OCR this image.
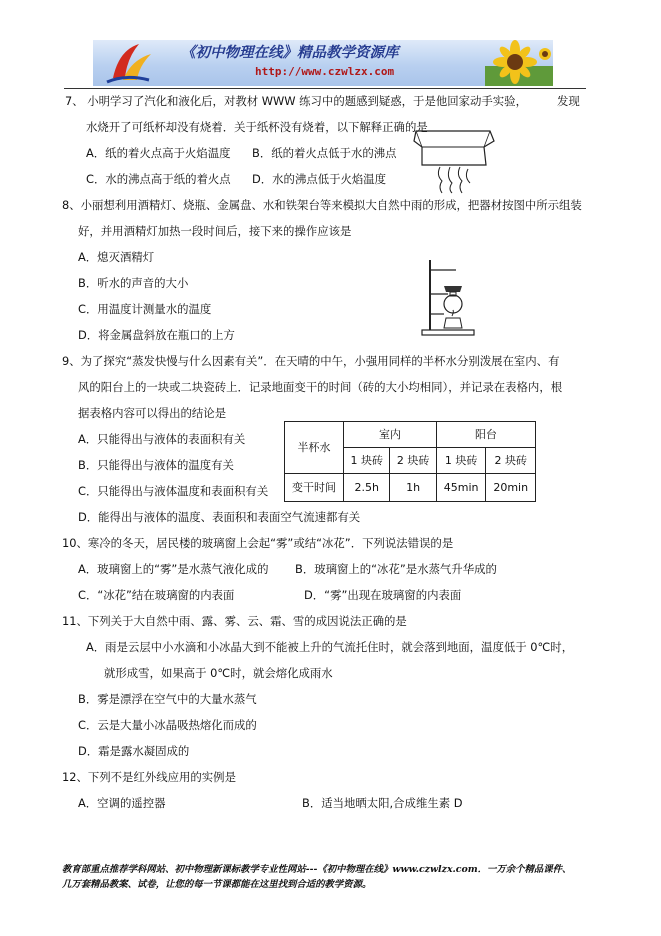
《初中物理在线》精品教学资源库
http://www.czwlzx.com
7、 小明学习了汽化和液化后，对教材 WWW 练习中的题感到疑惑，于是他回家动手实验，	发现
水烧开了可纸杯却没有烧着．关于纸杯没有烧着，以下解释正确的是
A．纸的着火点高于火焰温度 B．纸的着火点低于水的沸点
C．水的沸点高于纸的着火点 D．水的沸点低于火焰温度
8、小丽想利用酒精灯、烧瓶、金属盘、水和铁架台等来模拟大自然中雨的形成，把器材按图中所示组装
好，并用酒精灯加热一段时间后，接下来的操作应该是
A．熄灭酒精灯
B．听水的声音的大小
C．用温度计测量水的温度
D．将金属盘斜放在瓶口的上方
9、为了探究“蒸发快慢与什么因素有关”．在天晴的中午，小强用同样的半杯水分别泼展在室内、有
风的阳台上的一块或二块瓷砖上．记录地面变干的时间（砖的大小均相同），并记录在表格内，根
据表格内容可以得出的结论是
A．只能得出与液体的表面积有关
B．只能得出与液体的温度有关
C．只能得出与液体温度和表面积有关
D．能得出与液体的温度、表面积和表面空气流速都有关
半杯水	室内		阳台	
	1 块砖	2 块砖	1 块砖	2 块砖
变干时间	2.5h	1h	45min	20min
10、寒冷的冬天，居民楼的玻璃窗上会起“雾”或结“冰花”．下列说法错误的是
A．玻璃窗上的“雾”是水蒸气液化成的 B．玻璃窗上的“冰花”是水蒸气升华成的
C．“冰花”结在玻璃窗的内表面	D．“雾”出现在玻璃窗的内表面
11、下列关于大自然中雨、露、雾、云、霜、雪的成因说法正确的是
A．雨是云层中小水滴和小冰晶大到不能被上升的气流托住时，就会落到地面，温度低于 0℃时，
就形成雪，如果高于 0℃时，就会熔化成雨水
B．雾是漂浮在空气中的大量水蒸气
C．云是大量小冰晶吸热熔化而成的
D．霜是露水凝固成的
12、下列不是红外线应用的实例是
A．空调的遥控器	B．适当地晒太阳,合成维生素 D
教育部重点推荐学科网站、初中物理新课标教学专业性网站---《初中物理在线》www.czwlzx.com．一万余个精品课件、
几万套精品教案、试卷，让您的每一节课都能在这里找到合适的教学资源。
